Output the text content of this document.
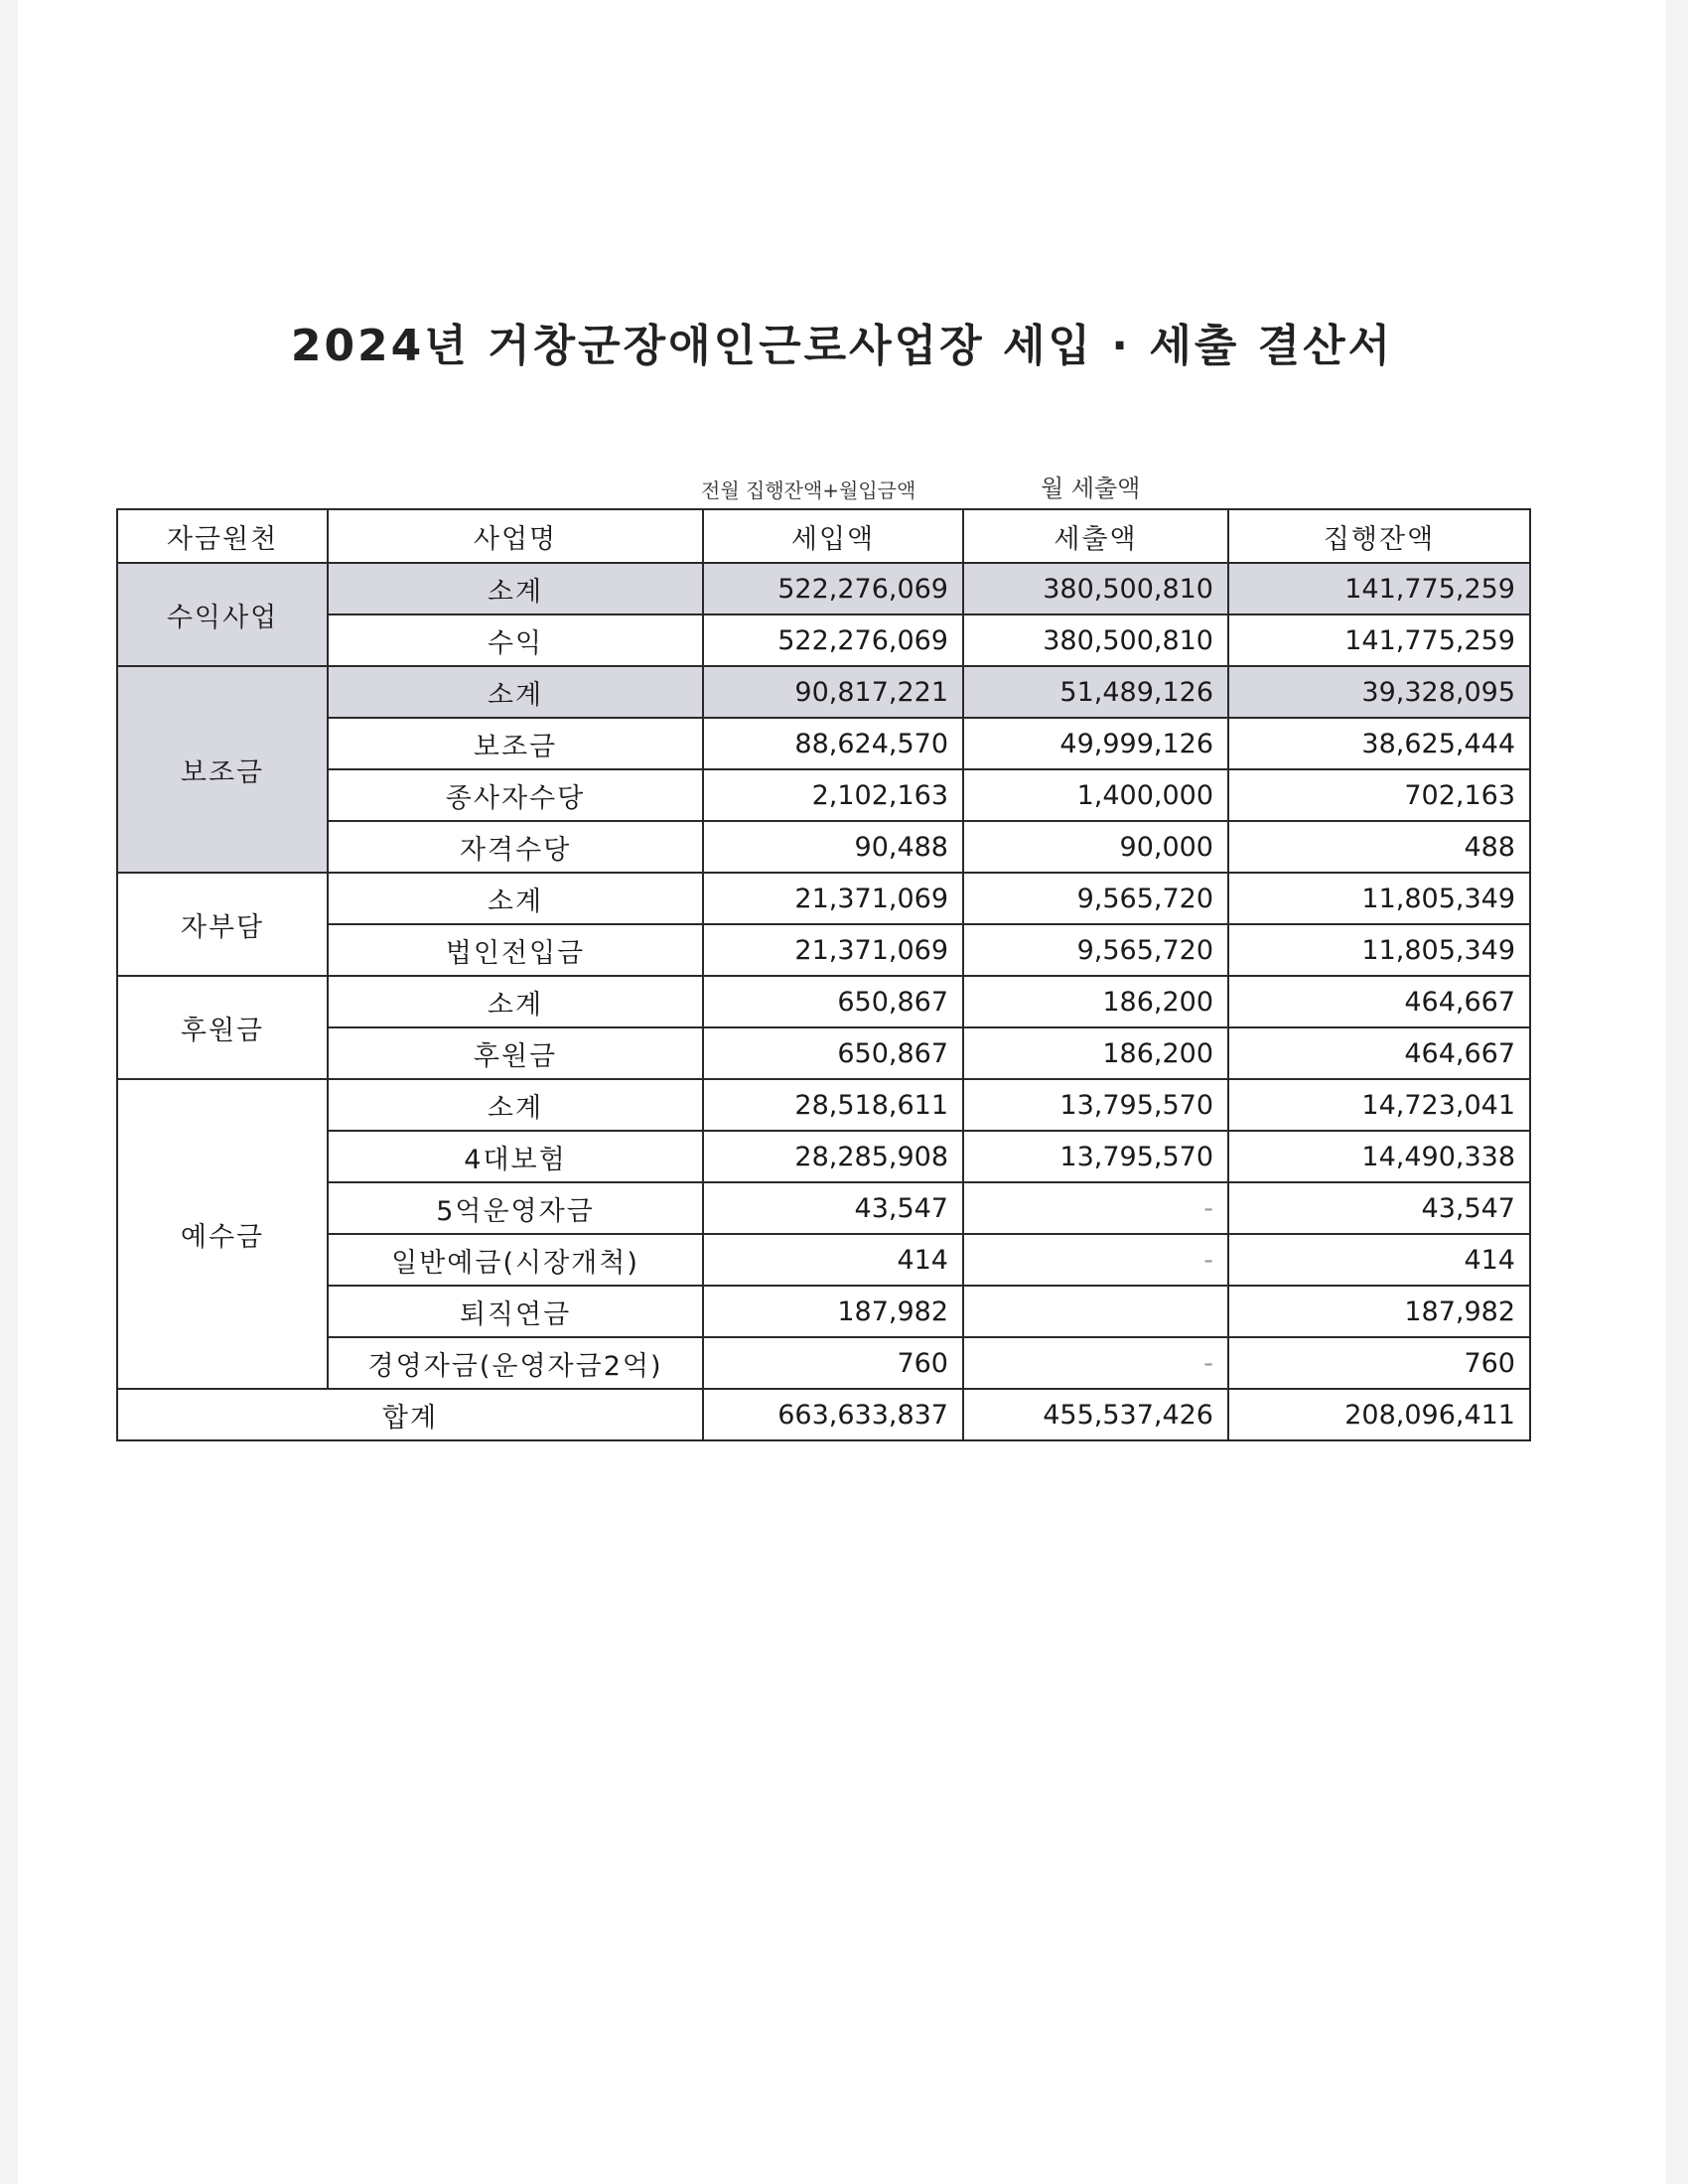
2024년 거창군장애인근로사업장 세입 · 세출 결산서
전월 집행잔액+월입금액	월 세출액
자금원천	사업명	세입액	세출액	집행잔액
수익사업	소계	522,276,069	380,500,810	141,775,259
	수익	522,276,069	380,500,810	141,775,259
보조금	소계	90,817,221	51,489,126	39,328,095
	보조금	88,624,570	49,999,126	38,625,444
	종사자수당	2,102,163	1,400,000	702,163
	자격수당	90,488	90,000	488
자부담	소계	21,371,069	9,565,720	11,805,349
	법인전입금	21,371,069	9,565,720	11,805,349
후원금	소계	650,867	186,200	464,667
	후원금	650,867	186,200	464,667
예수금	소계	28,518,611	13,795,570	14,723,041
	4대보험	28,285,908	13,795,570	14,490,338
	5억운영자금	43,547	-	43,547
	일반예금(시장개척)	414	-	414
	퇴직연금	187,982		187,982
	경영자금(운영자금2억)	760	-	760
합계		663,633,837	455,537,426	208,096,411
